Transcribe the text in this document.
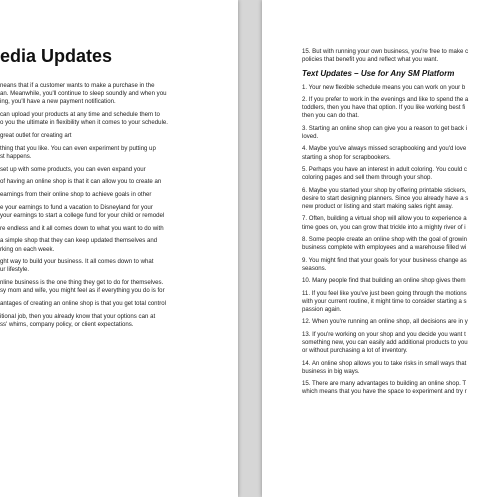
edia Updates
neans that if a customer wants to make a purchase in the
an. Meanwhile, you'll continue to sleep soundly and when you
ing, you'll have a new payment notification.
can upload your products at any time and schedule them to
o you the ultimate in flexibility when it comes to your schedule.
great outlet for creating art
thing that you like. You can even experiment by putting up
st happens.
set up with some products, you can even expand your
of having an online shop is that it can allow you to create an
earnings from their online shop to achieve goals in other
e your earnings to fund a vacation to Disneyland for your
your earnings to start a college fund for your child or remodel
re endless and it all comes down to what you want to do with
a simple shop that they can keep updated themselves and
rking on each week.
ght way to build your business. It all comes down to what
ur lifestyle.
nline business is the one thing they get to do for themselves.
sy mom and wife, you might feel as if everything you do is for
antages of creating an online shop is that you get total control
itional job, then you already know that your options can at
ss' whims, company policy, or client expectations.
15. But with running your own business, you're free to make c
policies that benefit you and reflect what you want.
Text Updates – Use for Any SM Platform
1. Your new flexible schedule means you can work on your b
2. If you prefer to work in the evenings and like to spend the a
toddlers, then you have that option. If you like working best fi
then you can do that.
3. Starting an online shop can give you a reason to get back i
loved.
4. Maybe you've always missed scrapbooking and you'd love
starting a shop for scrapbookers.
5. Perhaps you have an interest in adult coloring. You could c
coloring pages and sell them through your shop.
6. Maybe you started your shop by offering printable stickers,
desire to start designing planners. Since you already have a s
new product or listing and start making sales right away.
7. Often, building a virtual shop will allow you to experience a
time goes on, you can grow that trickle into a mighty river of i
8. Some people create an online shop with the goal of growin
business complete with employees and a warehouse filled wi
9. You might find that your goals for your business change as
seasons.
10. Many people find that building an online shop gives them
11. If you feel like you've just been going through the motions
with your current routine, it might time to consider starting a s
passion again.
12. When you're running an online shop, all decisions are in y
13. If you're working on your shop and you decide you want t
something new, you can easily add additional products to you
or without purchasing a lot of inventory.
14. An online shop allows you to take risks in small ways that
business in big ways.
15. There are many advantages to building an online shop. T
which means that you have the space to experiment and try r
